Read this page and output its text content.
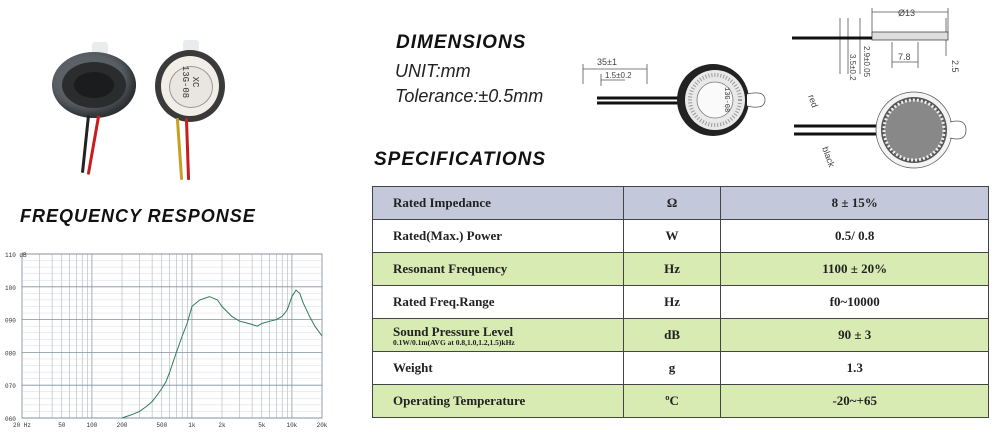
XC
13G-08
FREQUENCY RESPONSE
110 dB
100
090
080
070
060
20 Hz	50	100	200	500	1k	2k	5k	10k	20k
DIMENSIONS
UNIT:mm
Tolerance:±0.5mm
35±1
1.5±0.2
13G-08
Ø13
2.9±0.05
3.5±0.2	7.8
2.5
red
black
SPECIFICATIONS
Rated Impedance	Ω	8 ± 15%
Rated(Max.) Power	W	0.5/ 0.8
Resonant Frequency	Hz	1100 ± 20%
Rated Freq.Range	Hz	f0~10000
Sound Pressure Level
0.1W/0.1m(AVG at 0.8,1.0,1.2,1.5)kHz	dB	90 ± 3
Weight	g	1.3
Operating Temperature	ºC	-20~+65
